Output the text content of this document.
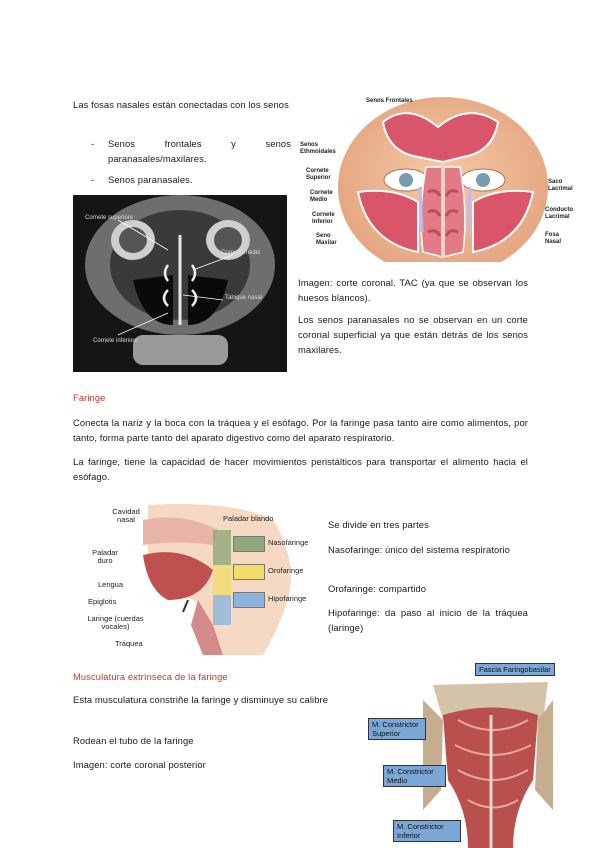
Las fosas nasales están conectadas con los senos
- Senos frontales y senos paranasales/maxilares.
- Senos paranasales.
Senos Frontales
Senos Ethmoidales
Cornete Superior
Cornete Medio
Cornete Inferior
Seno Maxilar
Saco Lacrimal
Conducto Lacrimal
Fosa Nasal
Cornete superiore
Cornete medio
Tabique nasal
Cornete inferiore
Imagen: corte coronal. TAC (ya que se observan los huesos blancos).
Los senos paranasales no se observan en un corte coronal superficial ya que están detrás de los senos maxilares.
Faringe
Conecta la nariz y la boca con la tráquea y el esófago. Por la faringe pasa tanto aire como alimentos, por tanto, forma parte tanto del aparato digestivo como del aparato respiratorio.
La faringe, tiene la capacidad de hacer movimientos peristálticos para transportar el alimento hacia el esófago.
Cavidad nasal	Paladar blando
Paladar duro
Lengua
Epiglotis
Laringe (cuerdas vocales)
Tráquea
Nasofaringe
Orofaringe
Hipofaringe
Se divide en tres partes
Nasofaringe: único del sistema respiratorio
Orofaringe: compartido
Hipofaringe: da paso al inicio de la tráquea (laringe)
Musculatura extrínseca de la faringe
Esta musculatura constriñe la faringe y disminuye su calibre
Rodean el tubo de la faringe
Imagen: corte coronal posterior
Fascia Faringobasilar
M. Constrictor Superior
M. Constrictor Medio
M. Constrictor Inferior
